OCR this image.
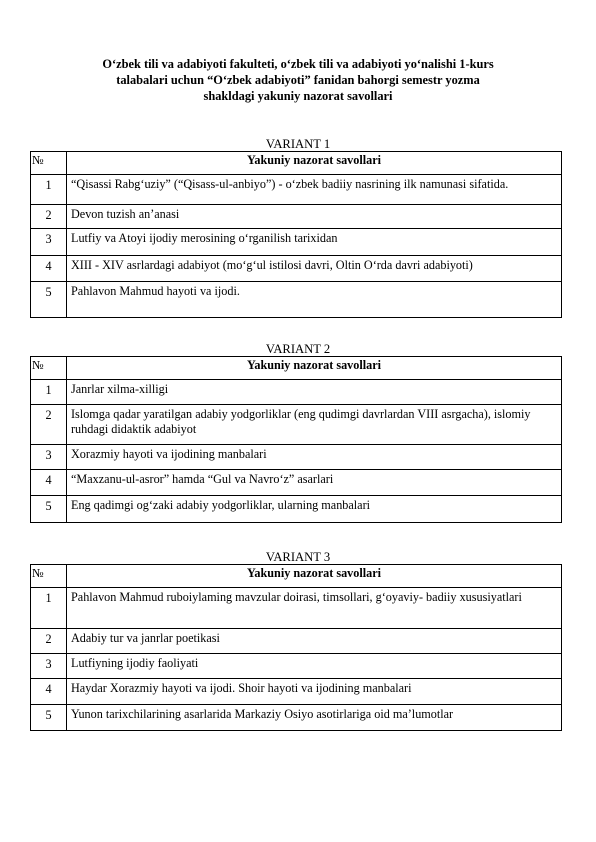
O‘zbek tili va adabiyoti fakulteti, o‘zbek tili va adabiyoti yo‘nalishi 1-kurs
talabalari uchun “O‘zbek adabiyoti” fanidan bahorgi semestr yozma
shakldagi yakuniy nazorat savollari
VARIANT 1
№	Yakuniy nazorat savollari
1	“Qisassi Rabg‘uziy” (“Qisass-ul-anbiyo”) - o‘zbek badiiy nasrining ilk namunasi sifatida.
2	Devon tuzish an’anasi
3	Lutfiy va Atoyi ijodiy merosining o‘rganilish tarixidan
4	XIII - XIV asrlardagi adabiyot (mo‘g‘ul istilosi davri, Oltin O‘rda davri adabiyoti)
5	Pahlavon Mahmud hayoti va ijodi.
VARIANT 2
№	Yakuniy nazorat savollari
1	Janrlar xilma-xilligi
2	Islomga qadar yaratilgan adabiy yodgorliklar (eng qudimgi davrlardan VIII asrgacha), islomiy ruhdagi didaktik adabiyot
3	Xorazmiy hayoti va ijodining manbalari
4	“Maxzanu-ul-asror” hamda “Gul va Navro‘z” asarlari
5	Eng qadimgi og‘zaki adabiy yodgorliklar, ularning manbalari
VARIANT 3
№	Yakuniy nazorat savollari
1	Pahlavon Mahmud ruboiylaming mavzular doirasi, timsollari, g‘oyaviy- badiiy xususiyatlari
2	Adabiy tur va janrlar poetikasi
3	Lutfiyning ijodiy faoliyati
4	Haydar Xorazmiy hayoti va ijodi. Shoir hayoti va ijodining manbalari
5	Yunon tarixchilarining asarlarida Markaziy Osiyo asotirlariga oid ma’lumotlar
